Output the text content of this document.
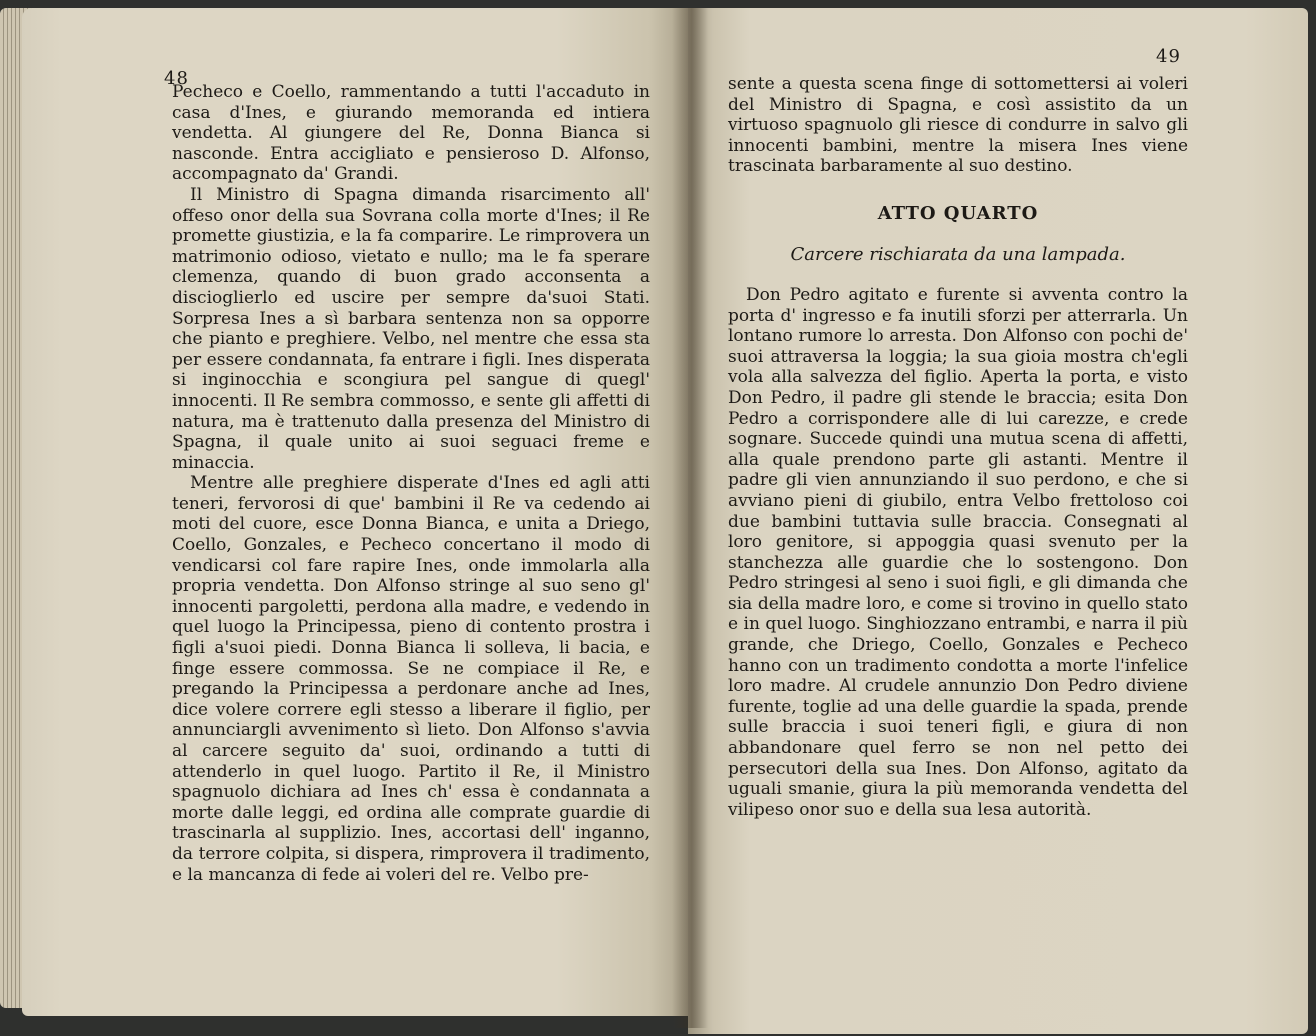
48

Pecheco e Coello, rammentando a tutti l'accaduto in casa d'Ines, e giurando memoranda ed intiera vendetta. Al giungere del Re, Donna Bianca si nasconde. Entra accigliato e pensieroso D. Alfonso, accompagnato da' Grandi.

Il Ministro di Spagna dimanda risarcimento all' offeso onor della sua Sovrana colla morte d'Ines; il Re promette giustizia, e la fa comparire. Le rimprovera un matrimonio odioso, vietato e nullo; ma le fa sperare clemenza, quando di buon grado acconsenta a discioglierlo ed uscire per sempre da'suoi Stati. Sorpresa Ines a sì barbara sentenza non sa opporre che pianto e preghiere. Velbo, nel mentre che essa sta per essere condannata, fa entrare i figli. Ines disperata si inginocchia e scongiura pel sangue di quegl' innocenti. Il Re sembra commosso, e sente gli affetti di natura, ma è trattenuto dalla presenza del Ministro di Spagna, il quale unito ai suoi seguaci freme e minaccia.

Mentre alle preghiere disperate d'Ines ed agli atti teneri, fervorosi di que' bambini il Re va cedendo ai moti del cuore, esce Donna Bianca, e unita a Driego, Coello, Gonzales, e Pecheco concertano il modo di vendicarsi col fare rapire Ines, onde immolarla alla propria vendetta. Don Alfonso stringe al suo seno gl' innocenti pargoletti, perdona alla madre, e vedendo in quel luogo la Principessa, pieno di contento prostra i figli a'suoi piedi. Donna Bianca li solleva, li bacia, e finge essere commossa. Se ne compiace il Re, e pregando la Principessa a perdonare anche ad Ines, dice volere correre egli stesso a liberare il figlio, per annunciargli avvenimento sì lieto. Don Alfonso s'avvia al carcere seguito da' suoi, ordinando a tutti di attenderlo in quel luogo. Partito il Re, il Ministro spagnuolo dichiara ad Ines ch' essa è condannata a morte dalle leggi, ed ordina alle comprate guardie di trascinarla al supplizio. Ines, accortasi dell' inganno, da terrore colpita, si dispera, rimprovera il tradimento, e la mancanza di fede ai voleri del re. Velbo pre-

49

sente a questa scena finge di sottomettersi ai voleri del Ministro di Spagna, e così assistito da un virtuoso spagnuolo gli riesce di condurre in salvo gli innocenti bambini, mentre la misera Ines viene trascinata barbaramente al suo destino.

ATTO QUARTO
Carcere rischiarata da una lampada.

Don Pedro agitato e furente si avventa contro la porta d' ingresso e fa inutili sforzi per atterrarla. Un lontano rumore lo arresta. Don Alfonso con pochi de' suoi attraversa la loggia; la sua gioia mostra ch'egli vola alla salvezza del figlio. Aperta la porta, e visto Don Pedro, il padre gli stende le braccia; esita Don Pedro a corrispondere alle di lui carezze, e crede sognare. Succede quindi una mutua scena di affetti, alla quale prendono parte gli astanti. Mentre il padre gli vien annunziando il suo perdono, e che si avviano pieni di giubilo, entra Velbo frettoloso coi due bambini tuttavia sulle braccia. Consegnati al loro genitore, si appoggia quasi svenuto per la stanchezza alle guardie che lo sostengono. Don Pedro stringesi al seno i suoi figli, e gli dimanda che sia della madre loro, e come si trovino in quello stato e in quel luogo. Singhiozzano entrambi, e narra il più grande, che Driego, Coello, Gonzales e Pecheco hanno con un tradimento condotta a morte l'infelice loro madre. Al crudele annunzio Don Pedro diviene furente, toglie ad una delle guardie la spada, prende sulle braccia i suoi teneri figli, e giura di non abbandonare quel ferro se non nel petto dei persecutori della sua Ines. Don Alfonso, agitato da uguali smanie, giura la più memoranda vendetta del vilipeso onor suo e della sua lesa autorità.
